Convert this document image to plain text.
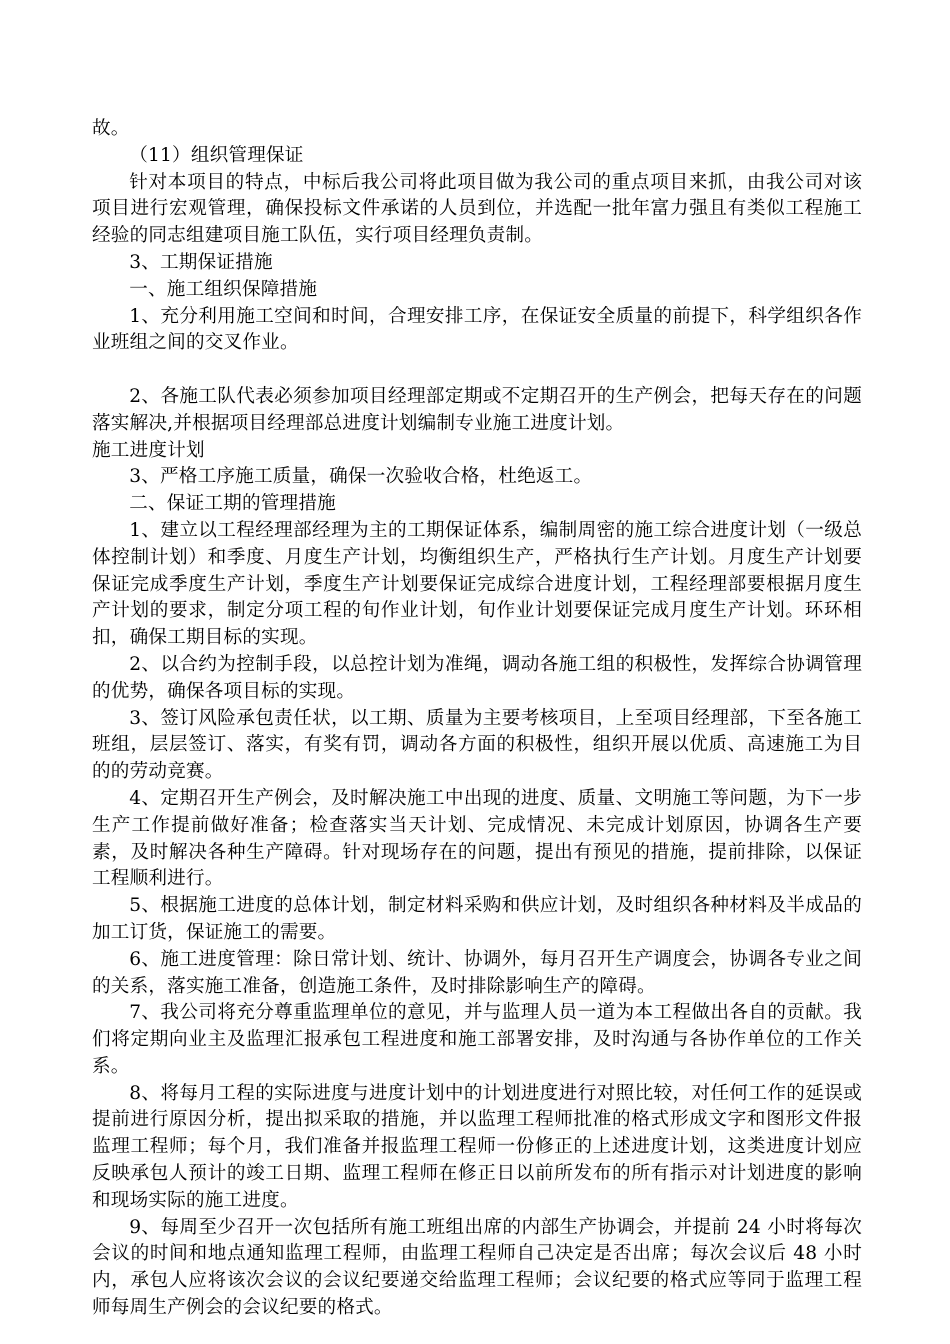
故。

（11）组织管理保证

针对本项目的特点，中标后我公司将此项目做为我公司的重点项目来抓，由我公司对该项目进行宏观管理，确保投标文件承诺的人员到位，并选配一批年富力强且有类似工程施工经验的同志组建项目施工队伍，实行项目经理负责制。

3、工期保证措施

一、施工组织保障措施

1、充分利用施工空间和时间，合理安排工序，在保证安全质量的前提下，科学组织各作业班组之间的交叉作业。

2、各施工队代表必须参加项目经理部定期或不定期召开的生产例会，把每天存在的问题落实解决,并根据项目经理部总进度计划编制专业施工进度计划。

施工进度计划

3、严格工序施工质量，确保一次验收合格，杜绝返工。

二、保证工期的管理措施

1、建立以工程经理部经理为主的工期保证体系，编制周密的施工综合进度计划（一级总体控制计划）和季度、月度生产计划，均衡组织生产，严格执行生产计划。月度生产计划要保证完成季度生产计划，季度生产计划要保证完成综合进度计划，工程经理部要根据月度生产计划的要求，制定分项工程的旬作业计划，旬作业计划要保证完成月度生产计划。环环相扣，确保工期目标的实现。

2、以合约为控制手段，以总控计划为准绳，调动各施工组的积极性，发挥综合协调管理的优势，确保各项目标的实现。

3、签订风险承包责任状，以工期、质量为主要考核项目，上至项目经理部，下至各施工班组，层层签订、落实，有奖有罚，调动各方面的积极性，组织开展以优质、高速施工为目的的劳动竞赛。

4、定期召开生产例会，及时解决施工中出现的进度、质量、文明施工等问题，为下一步生产工作提前做好准备；检查落实当天计划、完成情况、未完成计划原因，协调各生产要素，及时解决各种生产障碍。针对现场存在的问题，提出有预见的措施，提前排除，以保证工程顺利进行。

5、根据施工进度的总体计划，制定材料采购和供应计划，及时组织各种材料及半成品的加工订货，保证施工的需要。

6、施工进度管理：除日常计划、统计、协调外，每月召开生产调度会，协调各专业之间的关系，落实施工准备，创造施工条件，及时排除影响生产的障碍。

7、我公司将充分尊重监理单位的意见，并与监理人员一道为本工程做出各自的贡献。我们将定期向业主及监理汇报承包工程进度和施工部署安排，及时沟通与各协作单位的工作关系。

8、将每月工程的实际进度与进度计划中的计划进度进行对照比较，对任何工作的延误或提前进行原因分析，提出拟采取的措施，并以监理工程师批准的格式形成文字和图形文件报监理工程师；每个月，我们准备并报监理工程师一份修正的上述进度计划，这类进度计划应反映承包人预计的竣工日期、监理工程师在修正日以前所发布的所有指示对计划进度的影响和现场实际的施工进度。

9、每周至少召开一次包括所有施工班组出席的内部生产协调会，并提前 24 小时将每次会议的时间和地点通知监理工程师，由监理工程师自己决定是否出席；每次会议后 48 小时内，承包人应将该次会议的会议纪要递交给监理工程师；会议纪要的格式应等同于监理工程师每周生产例会的会议纪要的格式。
